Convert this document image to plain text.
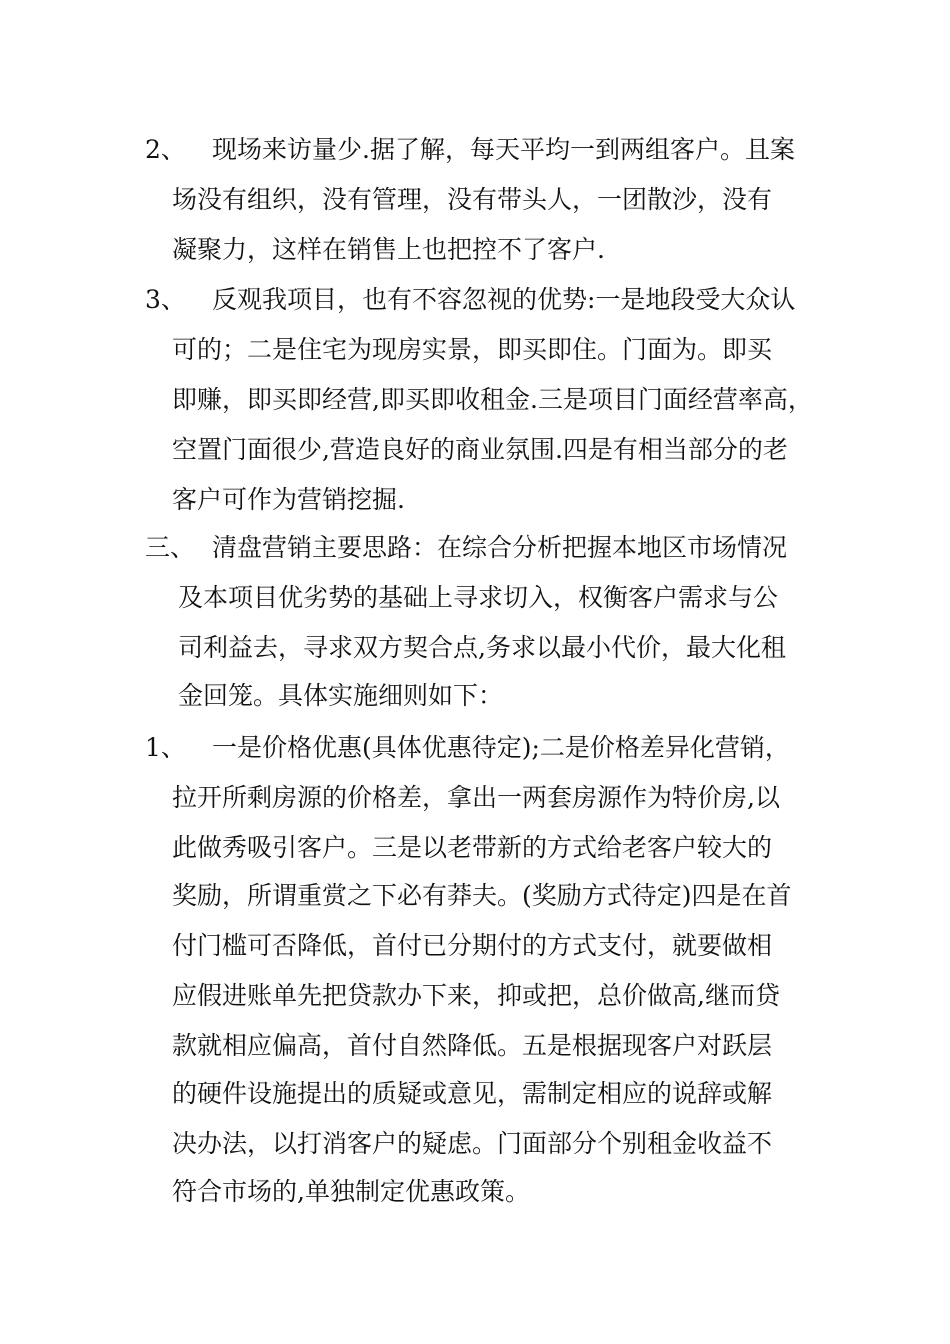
2、 现场来访量少.据了解，每天平均一到两组客户。且案
场没有组织，没有管理，没有带头人，一团散沙，没有
凝聚力，这样在销售上也把控不了客户.
3、 反观我项目，也有不容忽视的优势:一是地段受大众认
可的；二是住宅为现房实景，即买即住。门面为。即买
即赚，即买即经营,即买即收租金.三是项目门面经营率高，
空置门面很少,营造良好的商业氛围.四是有相当部分的老
客户可作为营销挖掘.
三、 清盘营销主要思路：在综合分析把握本地区市场情况
及本项目优劣势的基础上寻求切入，权衡客户需求与公
司利益去，寻求双方契合点,务求以最小代价，最大化租
金回笼。具体实施细则如下：
1、 一是价格优惠(具体优惠待定);二是价格差异化营销，
拉开所剩房源的价格差，拿出一两套房源作为特价房,以
此做秀吸引客户。三是以老带新的方式给老客户较大的
奖励，所谓重赏之下必有莽夫。(奖励方式待定)四是在首
付门槛可否降低，首付已分期付的方式支付，就要做相
应假进账单先把贷款办下来，抑或把，总价做高,继而贷
款就相应偏高，首付自然降低。五是根据现客户对跃层
的硬件设施提出的质疑或意见，需制定相应的说辞或解
决办法，以打消客户的疑虑。门面部分个别租金收益不
符合市场的,单独制定优惠政策。
